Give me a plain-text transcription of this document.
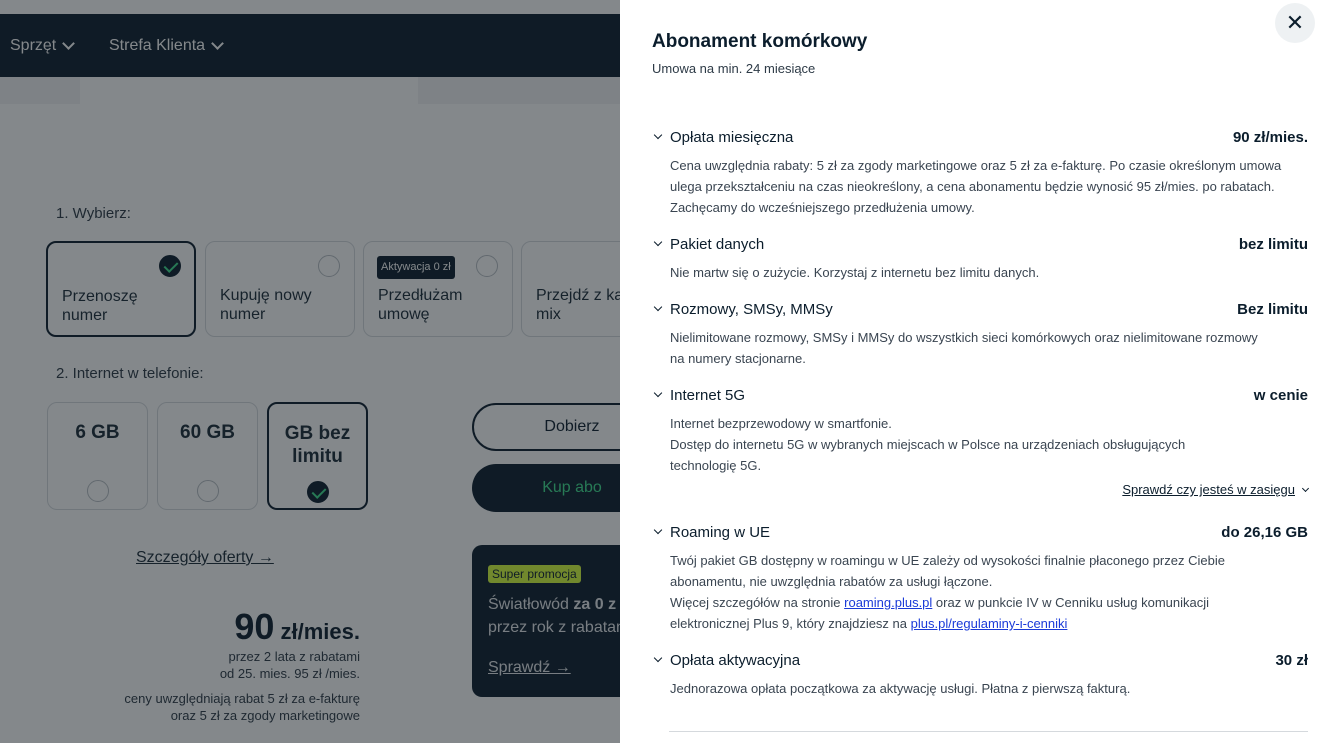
✕
Abonament komórkowy
Umowa na min. 24 miesiące
Opłata miesięczna	90 zł/mies.
Cena uwzględnia rabaty: 5 zł za zgody marketingowe oraz 5 zł za e-fakturę. Po czasie określonym umowa ulega przekształceniu na czas nieokreślony, a cena abonamentu będzie wynosić 95 zł/mies. po rabatach. Zachęcamy do wcześniejszego przedłużenia umowy.
Pakiet danych	bez limitu
Nie martw się o zużycie. Korzystaj z internetu bez limitu danych.
Rozmowy, SMSy, MMSy	Bez limitu
Nielimitowane rozmowy, SMSy i MMSy do wszystkich sieci komórkowych oraz nielimitowane rozmowy na numery stacjonarne.
Internet 5G	w cenie
Internet bezprzewodowy w smartfonie.
Dostęp do internetu 5G w wybranych miejscach w Polsce na urządzeniach obsługujących technologię 5G.
Sprawdź czy jesteś w zasięgu
Roaming w UE	do 26,16 GB
Twój pakiet GB dostępny w roamingu w UE zależy od wysokości finalnie płaconego przez Ciebie abonamentu, nie uwzględnia rabatów za usługi łączone.
Więcej szczegółów na stronie roaming.plus.pl oraz w punkcie IV w Cenniku usług komunikacji elektronicznej Plus 9, który znajdziesz na plus.pl/regulaminy-i-cenniki
Opłata aktywacyjna	30 zł
Jednorazowa opłata początkowa za aktywację usługi. Płatna z pierwszą fakturą.
